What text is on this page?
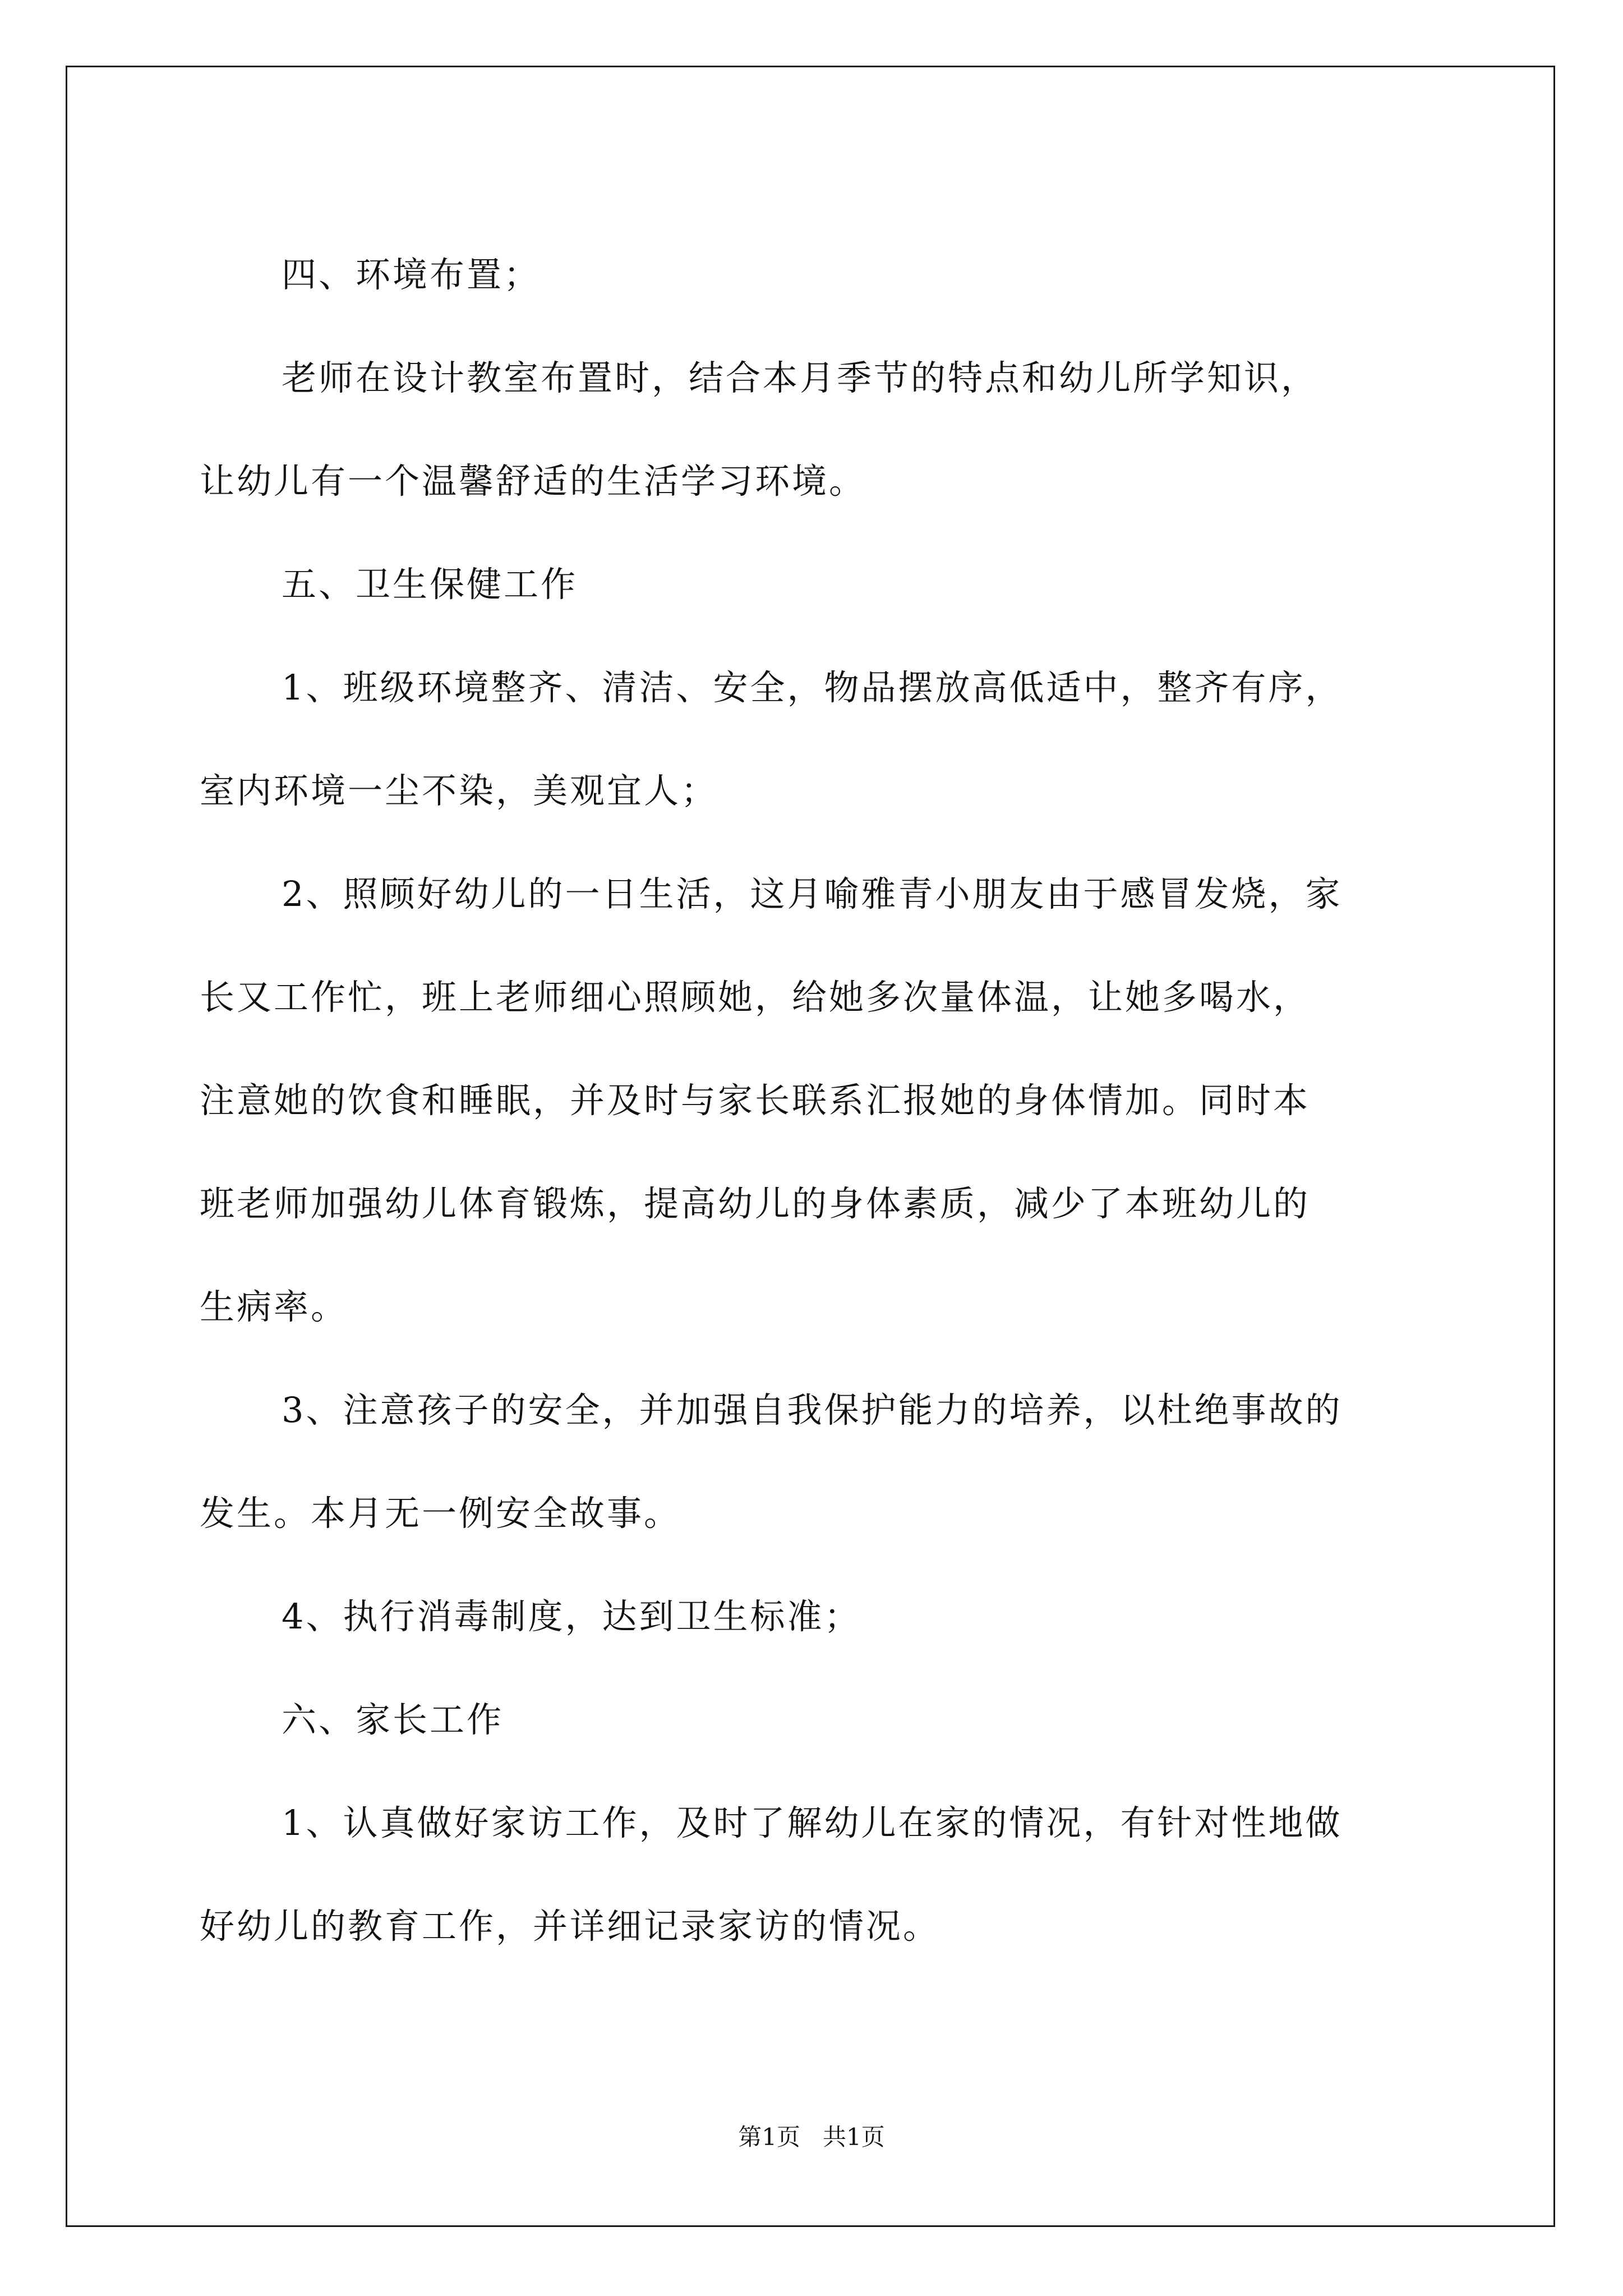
四、环境布置；

老师在设计教室布置时，结合本月季节的特点和幼儿所学知识，

让幼儿有一个温馨舒适的生活学习环境。

五、卫生保健工作

1、班级环境整齐、清洁、安全，物品摆放高低适中，整齐有序，

室内环境一尘不染，美观宜人；

2、照顾好幼儿的一日生活，这月喻雅青小朋友由于感冒发烧，家

长又工作忙，班上老师细心照顾她，给她多次量体温，让她多喝水，

注意她的饮食和睡眠，并及时与家长联系汇报她的身体情加。同时本

班老师加强幼儿体育锻炼，提高幼儿的身体素质，减少了本班幼儿的

生病率。

3、注意孩子的安全，并加强自我保护能力的培养，以杜绝事故的

发生。本月无一例安全故事。

4、执行消毒制度，达到卫生标准；

六、家长工作

1、认真做好家访工作，及时了解幼儿在家的情况，有针对性地做

好幼儿的教育工作，并详细记录家访的情况。

第1页 共1页
